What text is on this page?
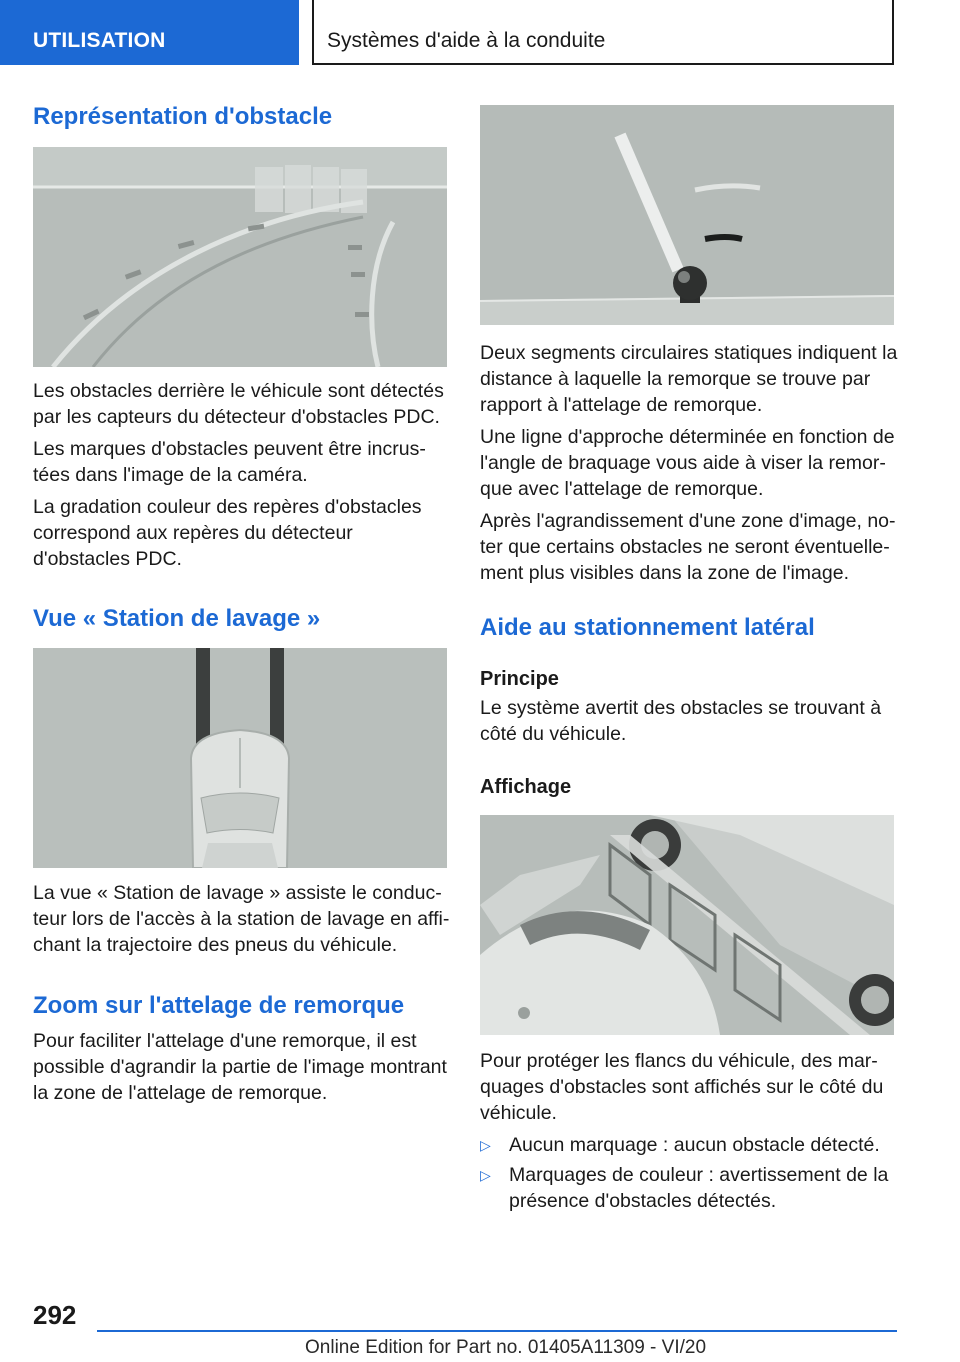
UTILISATION	Systèmes d'aide à la conduite
Représentation d'obstacle

Les obstacles derrière le véhicule sont détectés par les capteurs du détecteur d'obstacles PDC.

Les marques d'obstacles peuvent être incrus‐ tées dans l'image de la caméra.

La gradation couleur des repères d'obstacles correspond aux repères du détecteur d'obstacles PDC.

Vue « Station de lavage »

La vue « Station de lavage » assiste le conduc‐ teur lors de l'accès à la station de lavage en affi‐ chant la trajectoire des pneus du véhicule.

Zoom sur l'attelage de remorque

Pour faciliter l'attelage d'une remorque, il est possible d'agrandir la partie de l'image montrant la zone de l'attelage de remorque.

Deux segments circulaires statiques indiquent la distance à laquelle la remorque se trouve par rapport à l'attelage de remorque.

Une ligne d'approche déterminée en fonction de l'angle de braquage vous aide à viser la remor‐ que avec l'attelage de remorque.

Après l'agrandissement d'une zone d'image, no‐ ter que certains obstacles ne seront éventuelle‐ ment plus visibles dans la zone de l'image.

Aide au stationnement latéral
Principe

Le système avertit des obstacles se trouvant à côté du véhicule.

Affichage

Pour protéger les flancs du véhicule, des mar‐ quages d'obstacles sont affichés sur le côté du véhicule.

▷ Aucun marquage : aucun obstacle détecté.

▷ Marquages de couleur : avertissement de la présence d'obstacles détectés.

292
Online Edition for Part no. 01405A11309 - VI/20
